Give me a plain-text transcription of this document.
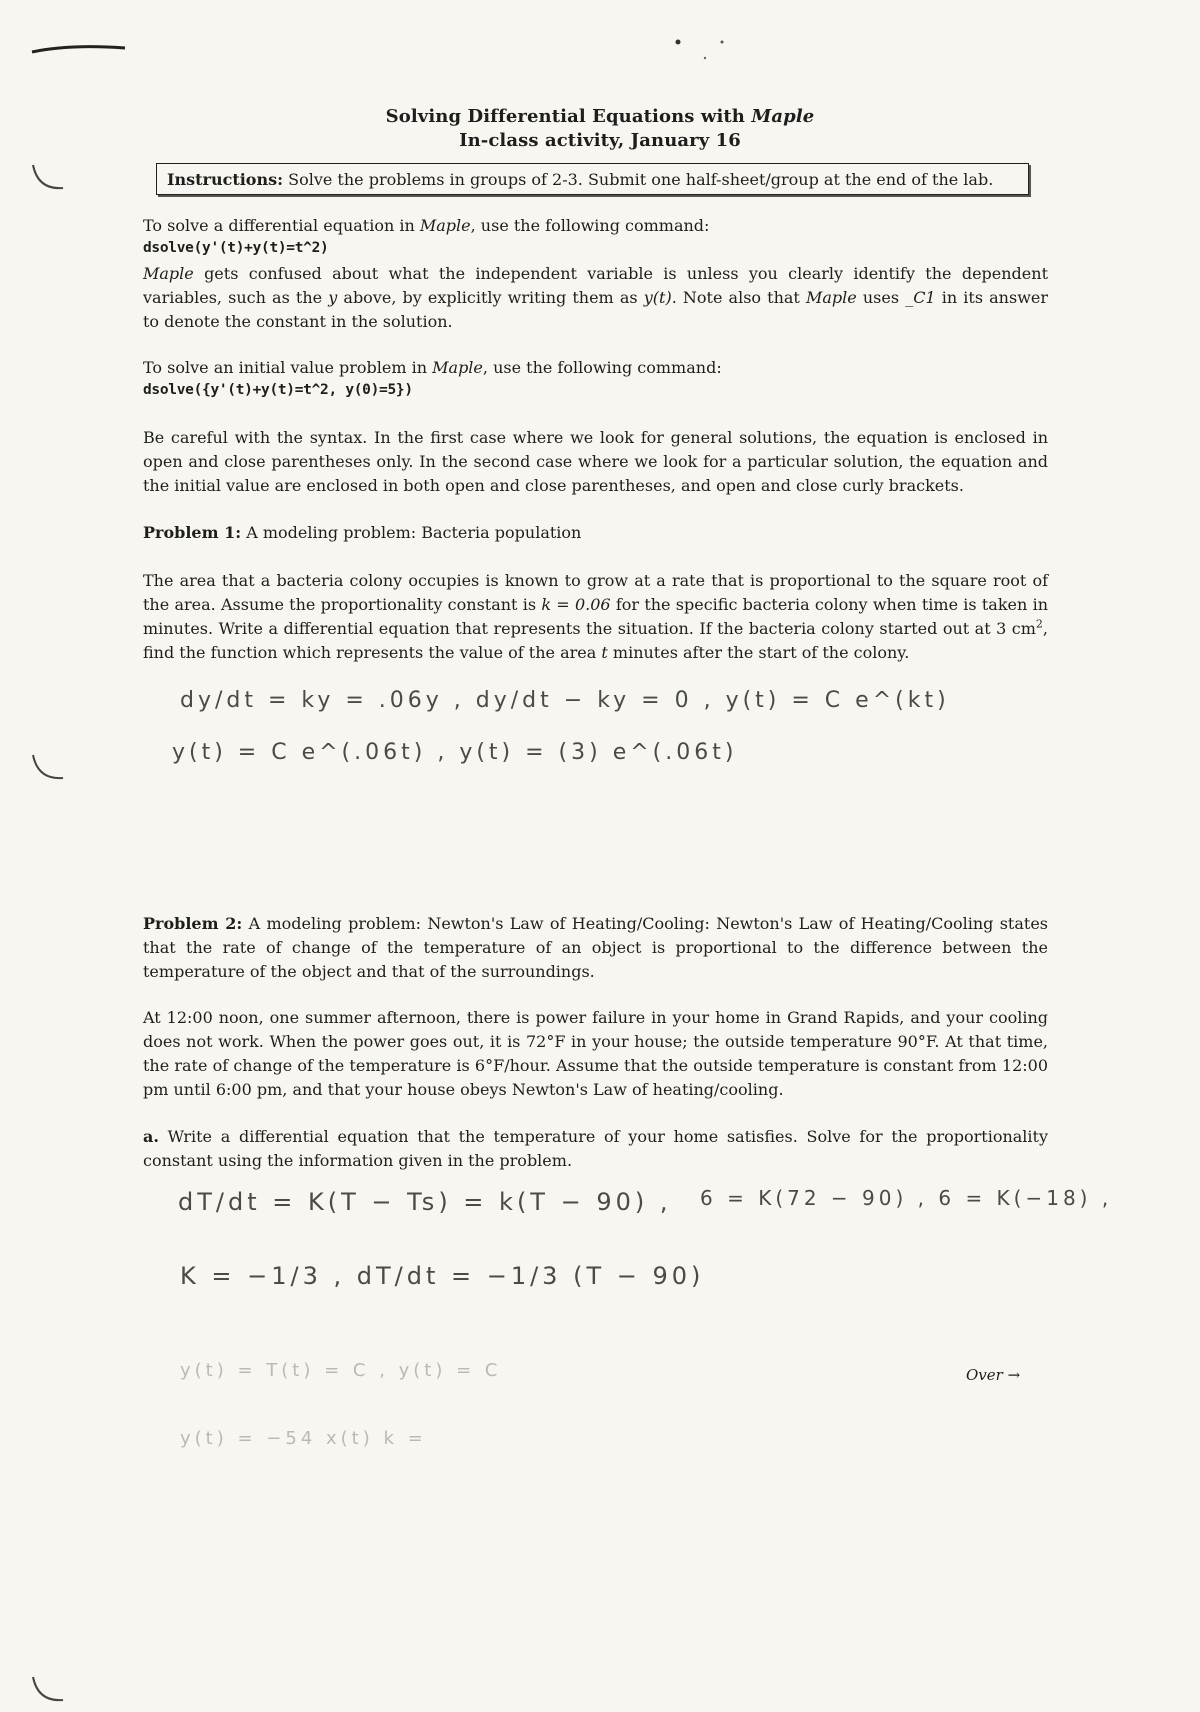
Solving Differential Equations with Maple
In-class activity, January 16
Instructions: Solve the problems in groups of 2-3. Submit one half-sheet/group at the end of the lab.
To solve a differential equation in Maple, use the following command:
dsolve(y'(t)+y(t)=t^2)
Maple gets confused about what the independent variable is unless you clearly identify the dependent variables, such as the y above, by explicitly writing them as y(t). Note also that Maple uses _C1 in its answer to denote the constant in the solution.
To solve an initial value problem in Maple, use the following command:
dsolve({y'(t)+y(t)=t^2, y(0)=5})
Be careful with the syntax. In the first case where we look for general solutions, the equation is enclosed in open and close parentheses only. In the second case where we look for a particular solution, the equation and the initial value are enclosed in both open and close parentheses, and open and close curly brackets.
Problem 1: A modeling problem: Bacteria population
The area that a bacteria colony occupies is known to grow at a rate that is proportional to the square root of the area. Assume the proportionality constant is k = 0.06 for the specific bacteria colony when time is taken in minutes. Write a differential equation that represents the situation. If the bacteria colony started out at 3 $cm^2$, find the function which represents the value of the area t minutes after the start of the colony.
dy/dt = ky = .06y , dy/dt − ky = 0 , y(t) = C e^(kt)
y(t) = C e^(.06t) , y(t) = (3) e^(.06t)
Problem 2: A modeling problem: Newton's Law of Heating/Cooling: Newton's Law of Heating/Cooling states that the rate of change of the temperature of an object is proportional to the difference between the temperature of the object and that of the surroundings.
At 12:00 noon, one summer afternoon, there is power failure in your home in Grand Rapids, and your cooling does not work. When the power goes out, it is 72°F in your house; the outside temperature 90°F. At that time, the rate of change of the temperature is 6°F/hour. Assume that the outside temperature is constant from 12:00 pm until 6:00 pm, and that your house obeys Newton's Law of heating/cooling.
a. Write a differential equation that the temperature of your home satisfies. Solve for the proportionality constant using the information given in the problem.
dT/dt = K(T − Ts) = k(T − 90) , 6 = K(72 − 90) , 6 = K(−18) ,
K = −1/3 , dT/dt = −1/3 (T − 90)
y(t) = T(t) = C , y(t) = C
y(t) = −54 x(t) k =
Over →
